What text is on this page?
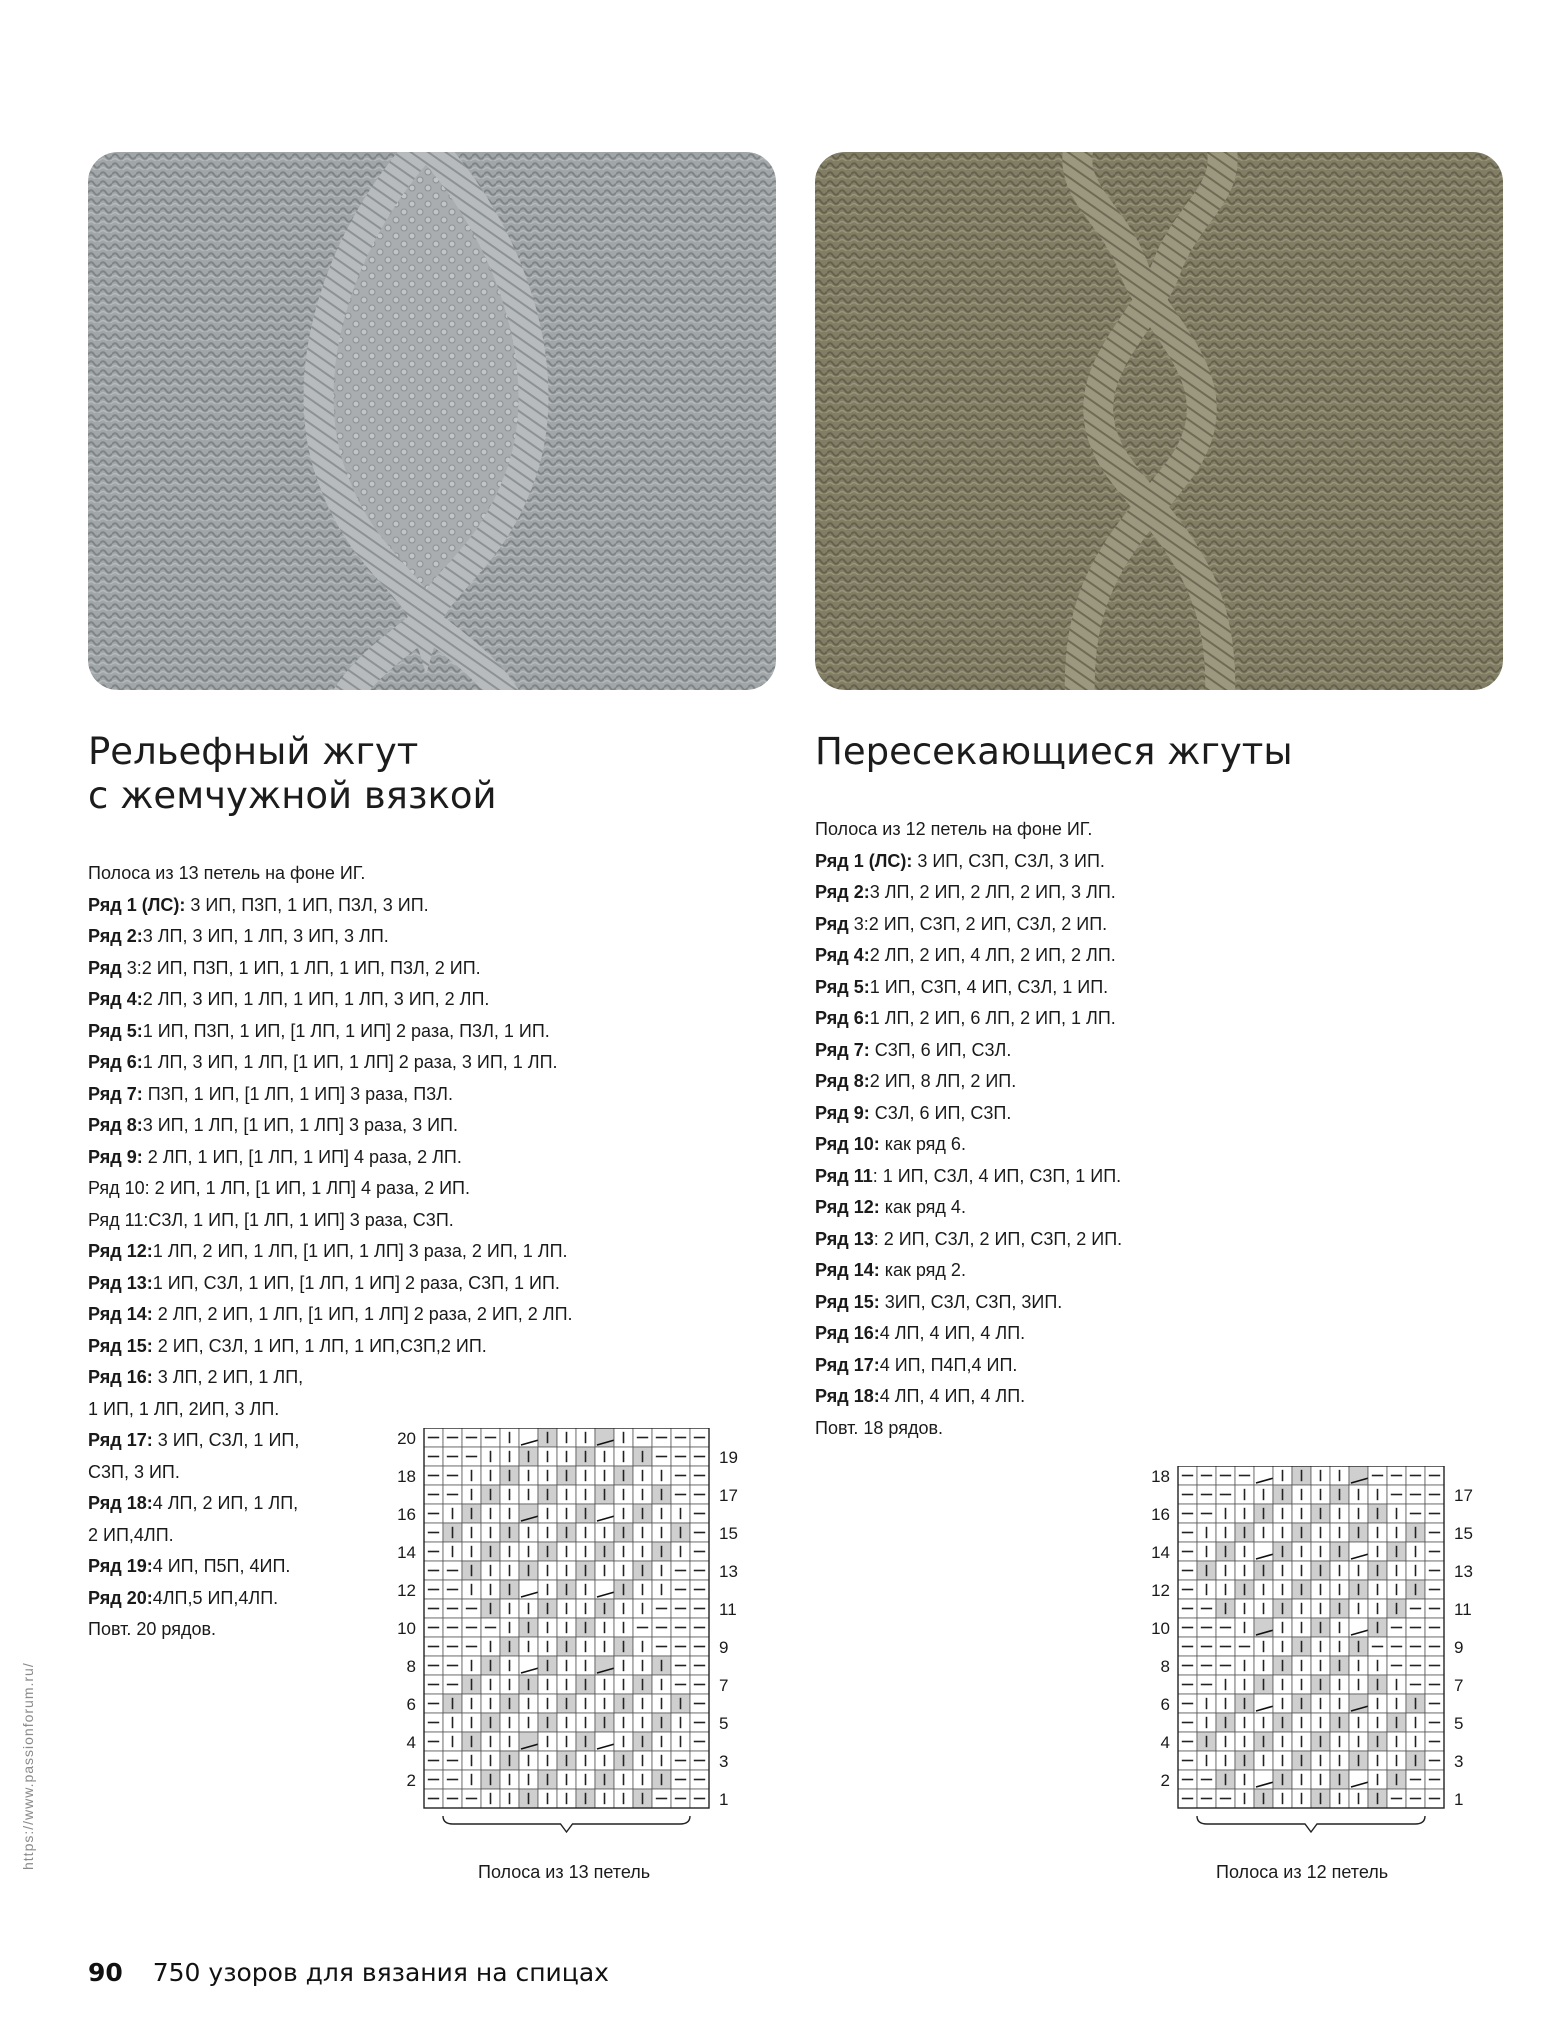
Рельефный жгут
с жемчужной вязкой
Пересекающиеся жгуты
Полоса из 13 петель на фоне ИГ.
Ряд 1 (ЛС): 3 ИП, П3П, 1 ИП, П3Л, 3 ИП.
Ряд 2:3 ЛП, 3 ИП, 1 ЛП, 3 ИП, 3 ЛП.
Ряд 3:2 ИП, П3П, 1 ИП, 1 ЛП, 1 ИП, П3Л, 2 ИП.
Ряд 4:2 ЛП, 3 ИП, 1 ЛП, 1 ИП, 1 ЛП, 3 ИП, 2 ЛП.
Ряд 5:1 ИП, П3П, 1 ИП, [1 ЛП, 1 ИП] 2 раза, П3Л, 1 ИП.
Ряд 6:1 ЛП, 3 ИП, 1 ЛП, [1 ИП, 1 ЛП] 2 раза, 3 ИП, 1 ЛП.
Ряд 7: П3П, 1 ИП, [1 ЛП, 1 ИП] 3 раза, П3Л.
Ряд 8:3 ИП, 1 ЛП, [1 ИП, 1 ЛП] 3 раза, 3 ИП.
Ряд 9: 2 ЛП, 1 ИП, [1 ЛП, 1 ИП] 4 раза, 2 ЛП.
Ряд 10: 2 ИП, 1 ЛП, [1 ИП, 1 ЛП] 4 раза, 2 ИП.
Ряд 11:С3Л, 1 ИП, [1 ЛП, 1 ИП] 3 раза, С3П.
Ряд 12:1 ЛП, 2 ИП, 1 ЛП, [1 ИП, 1 ЛП] 3 раза, 2 ИП, 1 ЛП.
Ряд 13:1 ИП, С3Л, 1 ИП, [1 ЛП, 1 ИП] 2 раза, С3П, 1 ИП.
Ряд 14: 2 ЛП, 2 ИП, 1 ЛП, [1 ИП, 1 ЛП] 2 раза, 2 ИП, 2 ЛП.
Ряд 15: 2 ИП, С3Л, 1 ИП, 1 ЛП, 1 ИП,С3П,2 ИП.
Ряд 16: 3 ЛП, 2 ИП, 1 ЛП,
1 ИП, 1 ЛП, 2ИП, 3 ЛП.
Ряд 17: 3 ИП, С3Л, 1 ИП,
С3П, 3 ИП.
Ряд 18:4 ЛП, 2 ИП, 1 ЛП,
2 ИП,4ЛП.
Ряд 19:4 ИП, П5П, 4ИП.
Ряд 20:4ЛП,5 ИП,4ЛП.
Повт. 20 рядов.
Полоса из 12 петель на фоне ИГ.
Ряд 1 (ЛС): 3 ИП, С3П, С3Л, 3 ИП.
Ряд 2:3 ЛП, 2 ИП, 2 ЛП, 2 ИП, 3 ЛП.
Ряд 3:2 ИП, С3П, 2 ИП, С3Л, 2 ИП.
Ряд 4:2 ЛП, 2 ИП, 4 ЛП, 2 ИП, 2 ЛП.
Ряд 5:1 ИП, С3П, 4 ИП, С3Л, 1 ИП.
Ряд 6:1 ЛП, 2 ИП, 6 ЛП, 2 ИП, 1 ЛП.
Ряд 7: С3П, 6 ИП, С3Л.
Ряд 8:2 ИП, 8 ЛП, 2 ИП.
Ряд 9: С3Л, 6 ИП, С3П.
Ряд 10: как ряд 6.
Ряд 11: 1 ИП, С3Л, 4 ИП, С3П, 1 ИП.
Ряд 12: как ряд 4.
Ряд 13: 2 ИП, С3Л, 2 ИП, С3П, 2 ИП.
Ряд 14: как ряд 2.
Ряд 15: 3ИП, С3Л, С3П, 3ИП.
Ряд 16:4 ЛП, 4 ИП, 4 ЛП.
Ряд 17:4 ИП, П4П,4 ИП.
Ряд 18:4 ЛП, 4 ИП, 4 ЛП.
Повт. 18 рядов.
20
18
16
14
12
10
8
6
4
2
19
17
15
13
11
9
7
5
3
1
18
16
14
12
10
8
6
4
2
17
15
13
11
9
7
5
3
1
Полоса из 13 петель	Полоса из 12 петель
https://www.passionforum.ru/
90 750 узоров для вязания на спицах
